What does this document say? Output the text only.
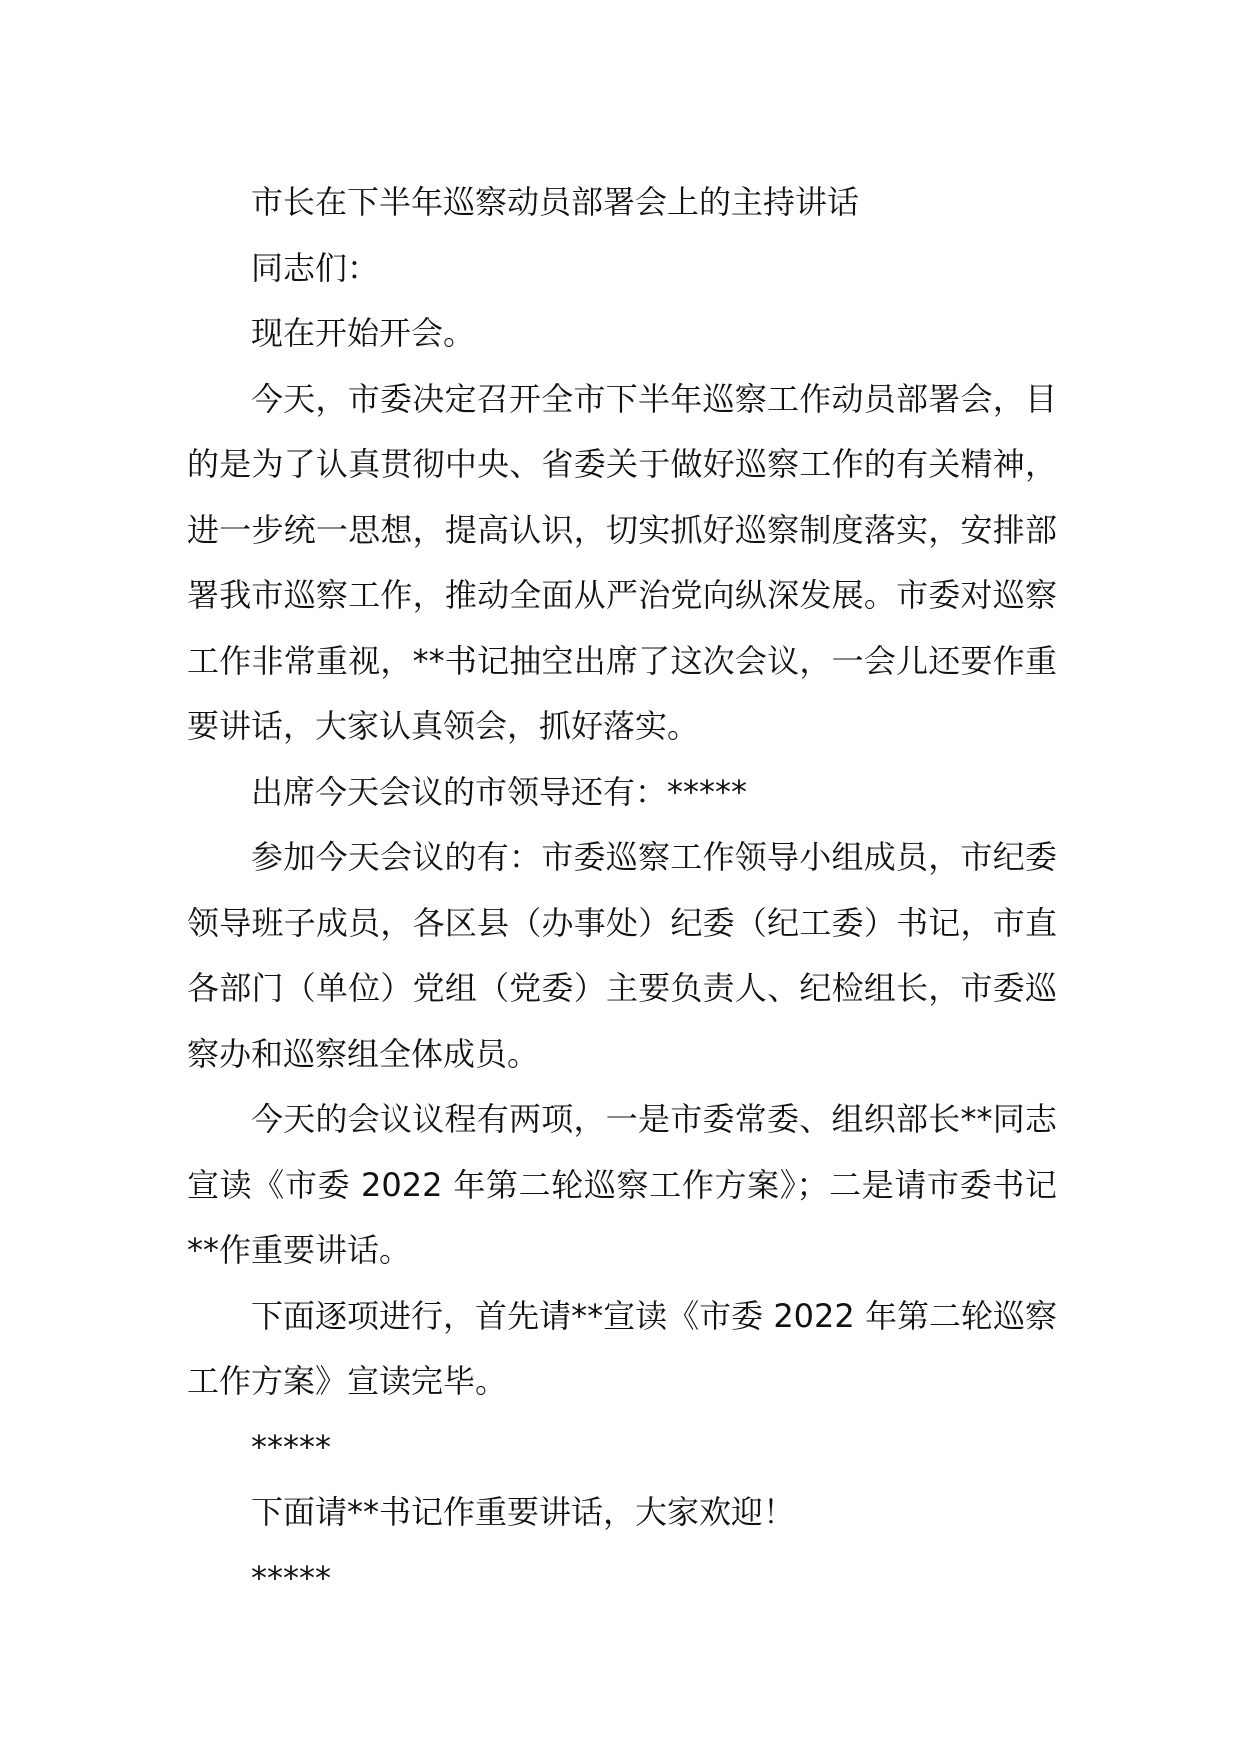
市长在下半年巡察动员部署会上的主持讲话

同志们：

现在开始开会。

今天，市委决定召开全市下半年巡察工作动员部署会，目的是为了认真贯彻中央、省委关于做好巡察工作的有关精神，进一步统一思想，提高认识，切实抓好巡察制度落实，安排部署我市巡察工作，推动全面从严治党向纵深发展。市委对巡察工作非常重视，**书记抽空出席了这次会议，一会儿还要作重要讲话，大家认真领会，抓好落实。

出席今天会议的市领导还有：*****

参加今天会议的有：市委巡察工作领导小组成员，市纪委领导班子成员，各区县（办事处）纪委（纪工委）书记，市直各部门（单位）党组（党委）主要负责人、纪检组长，市委巡察办和巡察组全体成员。

今天的会议议程有两项，一是市委常委、组织部长**同志宣读《市委 2022 年第二轮巡察工作方案》；二是请市委书记**作重要讲话。

下面逐项进行，首先请**宣读《市委 2022 年第二轮巡察工作方案》宣读完毕。

*****

下面请**书记作重要讲话，大家欢迎！

*****
